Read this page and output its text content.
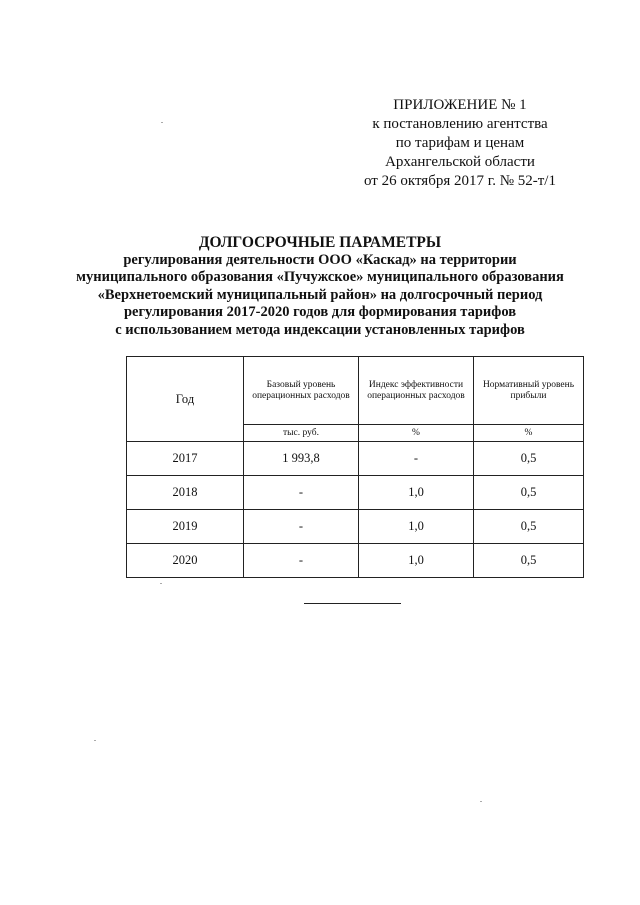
ПРИЛОЖЕНИЕ № 1
к постановлению агентства
по тарифам и ценам
Архангельской области
от 26 октября 2017 г. № 52-т/1
ДОЛГОСРОЧНЫЕ ПАРАМЕТРЫ
регулирования деятельности ООО «Каскад» на территории
муниципального образования «Пучужское» муниципального образования
«Верхнетоемский муниципальный район» на долгосрочный период
регулирования 2017-2020 годов для формирования тарифов
с использованием метода индексации установленных тарифов
Год	Базовый уровень операционных расходов	Индекс эффективности операционных расходов	Нормативный уровень прибыли
	тыс. руб.	%	%
2017	1 993,8	-	0,5
2018	-	1,0	0,5
2019	-	1,0	0,5
2020	-	1,0	0,5
